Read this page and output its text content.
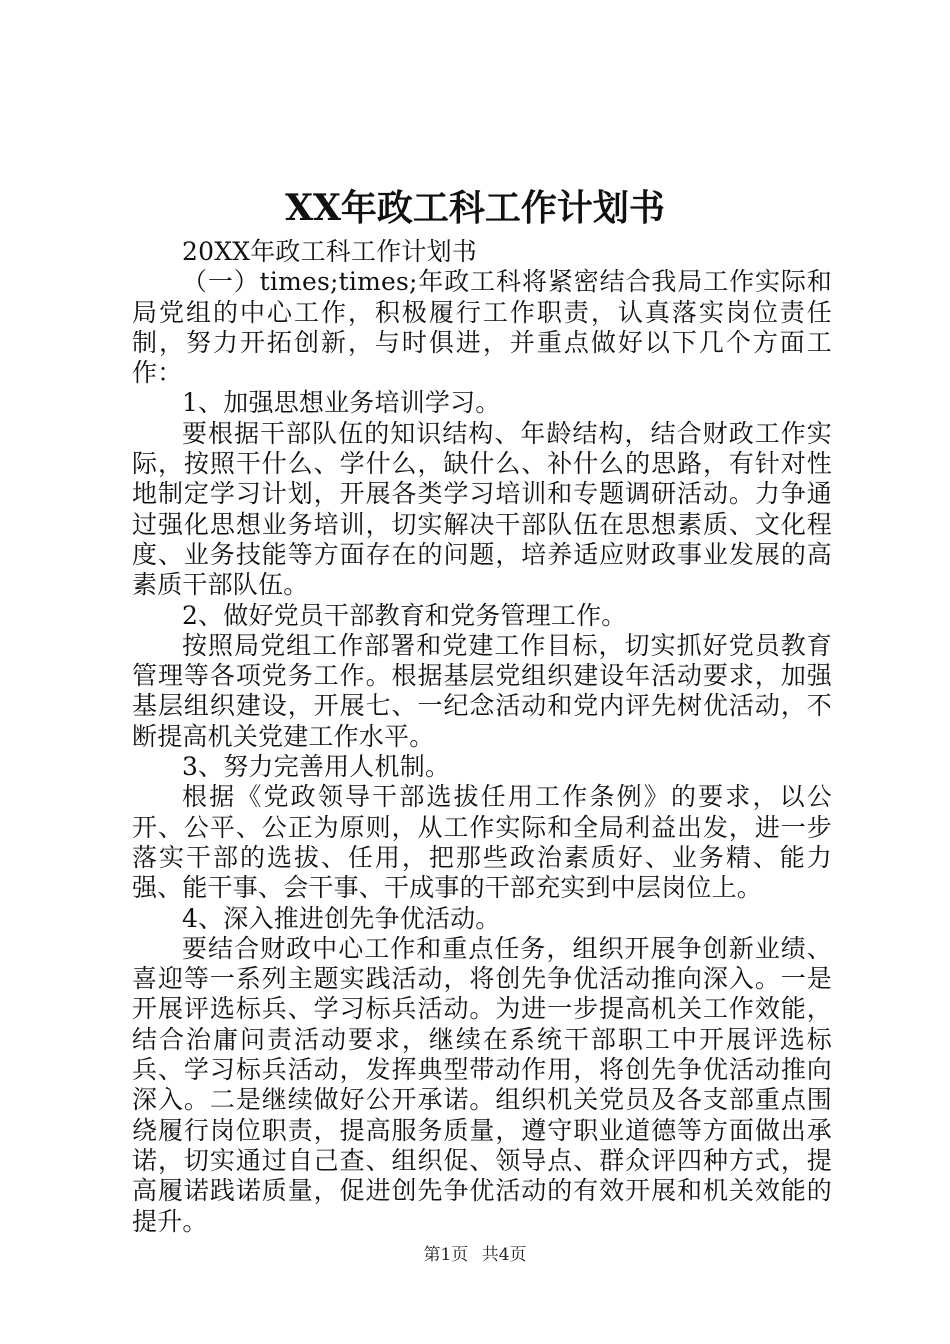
XX年政工科工作计划书

20XX年政工科工作计划书

（一）times;times;年政工科将紧密结合我局工作实际和局党组的中心工作，积极履行工作职责，认真落实岗位责任制，努力开拓创新，与时俱进，并重点做好以下几个方面工作：

1、加强思想业务培训学习。

要根据干部队伍的知识结构、年龄结构，结合财政工作实际，按照干什么、学什么，缺什么、补什么的思路，有针对性地制定学习计划，开展各类学习培训和专题调研活动。力争通过强化思想业务培训，切实解决干部队伍在思想素质、文化程度、业务技能等方面存在的问题，培养适应财政事业发展的高素质干部队伍。

2、做好党员干部教育和党务管理工作。

按照局党组工作部署和党建工作目标，切实抓好党员教育管理等各项党务工作。根据基层党组织建设年活动要求，加强基层组织建设，开展七、一纪念活动和党内评先树优活动，不断提高机关党建工作水平。

3、努力完善用人机制。

根据《党政领导干部选拔任用工作条例》的要求，以公开、公平、公正为原则，从工作实际和全局利益出发，进一步落实干部的选拔、任用，把那些政治素质好、业务精、能力强、能干事、会干事、干成事的干部充实到中层岗位上。

4、深入推进创先争优活动。

要结合财政中心工作和重点任务，组织开展争创新业绩、喜迎等一系列主题实践活动，将创先争优活动推向深入。一是开展评选标兵、学习标兵活动。为进一步提高机关工作效能，结合治庸问责活动要求，继续在系统干部职工中开展评选标兵、学习标兵活动，发挥典型带动作用，将创先争优活动推向深入。二是继续做好公开承诺。组织机关党员及各支部重点围绕履行岗位职责，提高服务质量，遵守职业道德等方面做出承诺，切实通过自己查、组织促、领导点、群众评四种方式，提高履诺践诺质量，促进创先争优活动的有效开展和机关效能的提升。

第1页 共4页
